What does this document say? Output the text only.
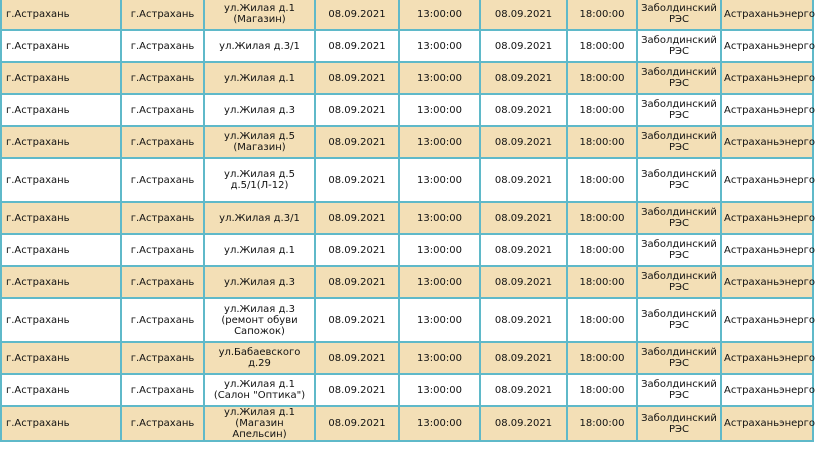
г.Астрахань	г.Астрахань	ул.Жилая д.1 (Магазин)	08.09.2021	13:00:00	08.09.2021	18:00:00	Заболдинский РЭС	Астраханьэнерго
г.Астрахань	г.Астрахань	ул.Жилая д.3/1	08.09.2021	13:00:00	08.09.2021	18:00:00	Заболдинский РЭС	Астраханьэнерго
г.Астрахань	г.Астрахань	ул.Жилая д.1	08.09.2021	13:00:00	08.09.2021	18:00:00	Заболдинский РЭС	Астраханьэнерго
г.Астрахань	г.Астрахань	ул.Жилая д.3	08.09.2021	13:00:00	08.09.2021	18:00:00	Заболдинский РЭС	Астраханьэнерго
г.Астрахань	г.Астрахань	ул.Жилая д.5 (Магазин)	08.09.2021	13:00:00	08.09.2021	18:00:00	Заболдинский РЭС	Астраханьэнерго
г.Астрахань	г.Астрахань	ул.Жилая д.5 д.5/1(Л-12)	08.09.2021	13:00:00	08.09.2021	18:00:00	Заболдинский РЭС	Астраханьэнерго
г.Астрахань	г.Астрахань	ул.Жилая д.3/1	08.09.2021	13:00:00	08.09.2021	18:00:00	Заболдинский РЭС	Астраханьэнерго
г.Астрахань	г.Астрахань	ул.Жилая д.1	08.09.2021	13:00:00	08.09.2021	18:00:00	Заболдинский РЭС	Астраханьэнерго
г.Астрахань	г.Астрахань	ул.Жилая д.3	08.09.2021	13:00:00	08.09.2021	18:00:00	Заболдинский РЭС	Астраханьэнерго
г.Астрахань	г.Астрахань	ул.Жилая д.3 (ремонт обуви Сапожок)	08.09.2021	13:00:00	08.09.2021	18:00:00	Заболдинский РЭС	Астраханьэнерго
г.Астрахань	г.Астрахань	ул.Бабаевского д.29	08.09.2021	13:00:00	08.09.2021	18:00:00	Заболдинский РЭС	Астраханьэнерго
г.Астрахань	г.Астрахань	ул.Жилая д.1 (Салон "Оптика")	08.09.2021	13:00:00	08.09.2021	18:00:00	Заболдинский РЭС	Астраханьэнерго
г.Астрахань	г.Астрахань	ул.Жилая д.1 (Магазин Апельсин)	08.09.2021	13:00:00	08.09.2021	18:00:00	Заболдинский РЭС	Астраханьэнерго
